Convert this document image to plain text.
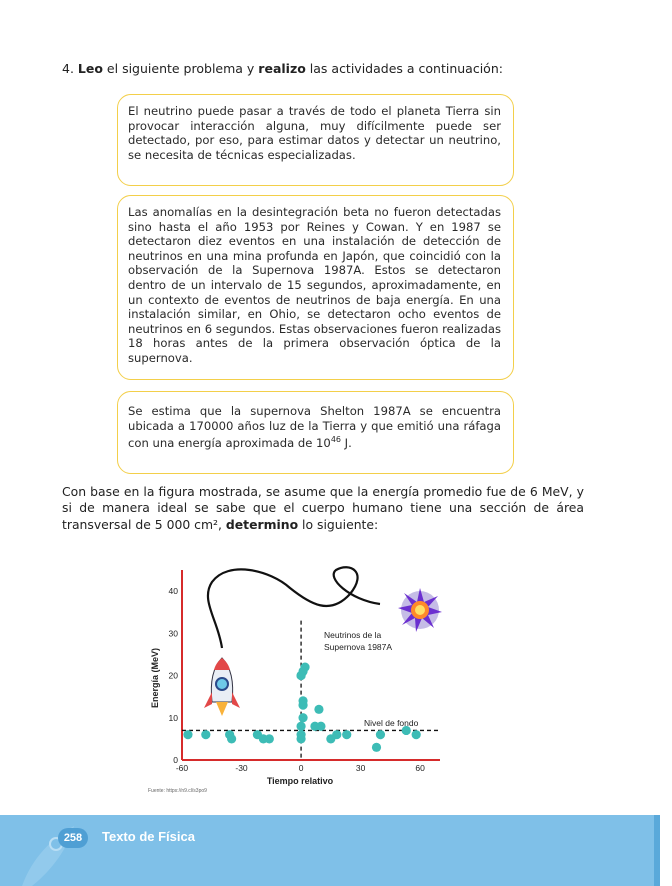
4. Leo el siguiente problema y realizo las actividades a continuación:

El neutrino puede pasar a través de todo el planeta Tierra sin provocar interacción alguna, muy difícilmente puede ser detectado, por eso, para estimar datos y detectar un neutrino, se necesita de técnicas especializadas.

Las anomalías en la desintegración beta no fueron detectadas sino hasta el año 1953 por Reines y Cowan. Y en 1987 se detectaron diez eventos en una instalación de detección de neutrinos en una mina profunda en Japón, que coincidió con la observación de la Supernova 1987A. Estos se detectaron dentro de un intervalo de 15 segundos, aproximadamente, en un contexto de eventos de neutrinos de baja energía. En una instalación similar, en Ohio, se detectaron ocho eventos de neutrinos en 6 segundos. Estas observaciones fueron realizadas 18 horas antes de la primera observación óptica de la supernova.

Se estima que la supernova Shelton 1987A se encuentra ubicada a 170000 años luz de la Tierra y que emitió una ráfaga con una energía aproximada de $10^{46}$ J.

Con base en la figura mostrada, se asume que la energía promedio fue de 6 MeV, y si de manera ideal se sabe que el cuerpo humano tiene una sección de área transversal de 5 000 cm², determino lo siguiente:
-60	-30	0	30	60
0
10
20
30
40
Tiempo relativo
Energía (MeV)
Neutrinos de la
Supernova 1987A
Nivel de fondo
Fuente: https://n9.cl/s3po9
258	Texto de Física
